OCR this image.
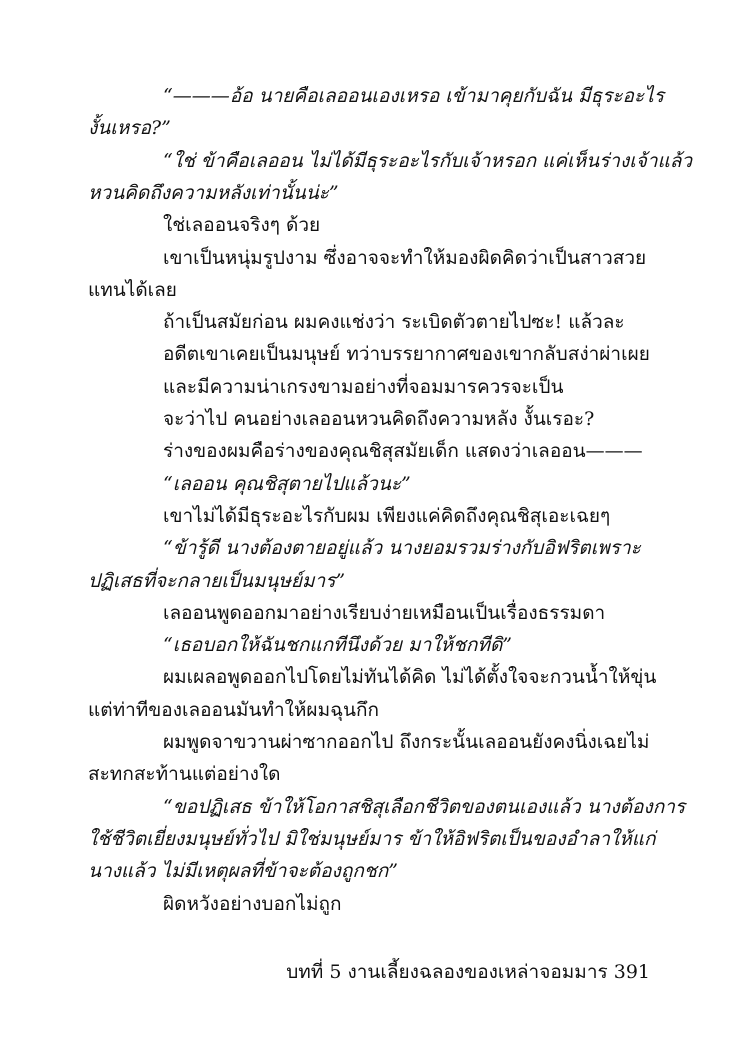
“———อ้อ นายคือเลออนเองเหรอ เข้ามาคุยกับฉัน มีธุระอะไร
งั้นเหรอ?”
“ใช่ ข้าคือเลออน ไม่ได้มีธุระอะไรกับเจ้าหรอก แค่เห็นร่างเจ้าแล้ว
หวนคิดถึงความหลังเท่านั้นน่ะ”
ใช่เลออนจริงๆ ด้วย
เขาเป็นหนุ่มรูปงาม ซึ่งอาจจะทำให้มองผิดคิดว่าเป็นสาวสวย
แทนได้เลย
ถ้าเป็นสมัยก่อน ผมคงแช่งว่า ระเบิดตัวตายไปซะ! แล้วละ
อดีตเขาเคยเป็นมนุษย์ ทว่าบรรยากาศของเขากลับสง่าผ่าเผย
และมีความน่าเกรงขามอย่างที่จอมมารควรจะเป็น
จะว่าไป คนอย่างเลออนหวนคิดถึงความหลัง งั้นเรอะ?
ร่างของผมคือร่างของคุณชิสุสมัยเด็ก แสดงว่าเลออน———
“เลออน คุณชิสุตายไปแล้วนะ”
เขาไม่ได้มีธุระอะไรกับผม เพียงแค่คิดถึงคุณชิสุเอะเฉยๆ
“ข้ารู้ดี นางต้องตายอยู่แล้ว นางยอมรวมร่างกับอิฟริตเพราะ
ปฏิเสธที่จะกลายเป็นมนุษย์มาร”
เลออนพูดออกมาอย่างเรียบง่ายเหมือนเป็นเรื่องธรรมดา
“เธอบอกให้ฉันชกแกทีนึงด้วย มาให้ชกทีดิ”
ผมเผลอพูดออกไปโดยไม่ทันได้คิด ไม่ได้ตั้งใจจะกวนน้ำให้ขุ่น
แต่ท่าทีของเลออนมันทำให้ผมฉุนกึก
ผมพูดจาขวานผ่าซากออกไป ถึงกระนั้นเลออนยังคงนิ่งเฉยไม่
สะทกสะท้านแต่อย่างใด
“ขอปฏิเสธ ข้าให้โอกาสชิสุเลือกชีวิตของตนเองแล้ว นางต้องการ
ใช้ชีวิตเยี่ยงมนุษย์ทั่วไป มิใช่มนุษย์มาร ข้าให้อิฟริตเป็นของอำลาให้แก่
นางแล้ว ไม่มีเหตุผลที่ข้าจะต้องถูกชก”
ผิดหวังอย่างบอกไม่ถูก
บทที่ 5 งานเลี้ยงฉลองของเหล่าจอมมาร 391
